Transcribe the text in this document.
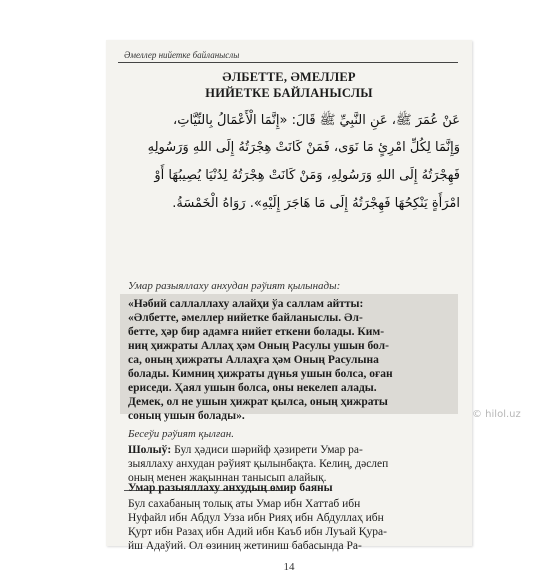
Әмеллер нийетке байланыслы
ӘЛБЕТТЕ, ӘМЕЛЛЕР
НИЙЕТКЕ БАЙЛАНЫСЛЫ
عَنْ عُمَرَ ﷺ، عَنِ النَّبِيِّ ﷺ قَالَ: «إِنَّمَا الْأَعْمَالُ بِالنِّيَّاتِ،
وَإِنَّمَا لِكُلِّ امْرِئٍ مَا نَوَى، فَمَنْ كَانَتْ هِجْرَتُهُ إِلَى اللهِ وَرَسُولِهِ
فَهِجْرَتُهُ إِلَى اللهِ وَرَسُولِهِ، وَمَنْ كَانَتْ هِجْرَتُهُ لِدُنْيَا يُصِيبُهَا أَوْ
امْرَأَةٍ يَنْكِحُهَا فَهِجْرَتُهُ إِلَى مَا هَاجَرَ إِلَيْهِ». رَوَاهُ الْخَمْسَةُ.
Умар разыяллаху анхудан рәўият қылынады:
«Нәбий саллаллаху алайҳи ўа саллам айтты:
«Әлбетте, әмеллер нийетке байланыслы. Әл-
бетте, ҳәр бир адамға нийет еткени болады. Ким-
ниң ҳижраты Аллаҳ ҳәм Оның Расулы ушын бол-
са, оның ҳижраты Аллаҳға ҳәм Оның Расулына
болады. Кимниң ҳижраты дүнья ушын болса, оған
ериседи. Ҳаял ушын болса, оны некелеп алады.
Демек, ол не ушын ҳижрат қылса, оның ҳижраты
соның ушын болады».
Бесеўи рәўият қылған.
Шолыў: Бул ҳәдиси шәрийф ҳәзирети Умар ра-
зыяллаху анхудан рәўият қылынбақта. Келиң, дәслеп
оның менен жақыннан танысып алайық.
Умар разыяллаху анхудың өмир баяны
Бул сахабаның толық аты Умар ибн Хаттаб ибн
Нуфайл ибн Абдул Узза ибн Рияҳ ибн Абдуллаҳ ибн
Қурт ибн Разаҳ ибн Адий ибн Каъб ибн Луъай Қура-
йш Адаўий. Ол өзиниң жетиниш бабасында Ра-
14
© hilol.uz
